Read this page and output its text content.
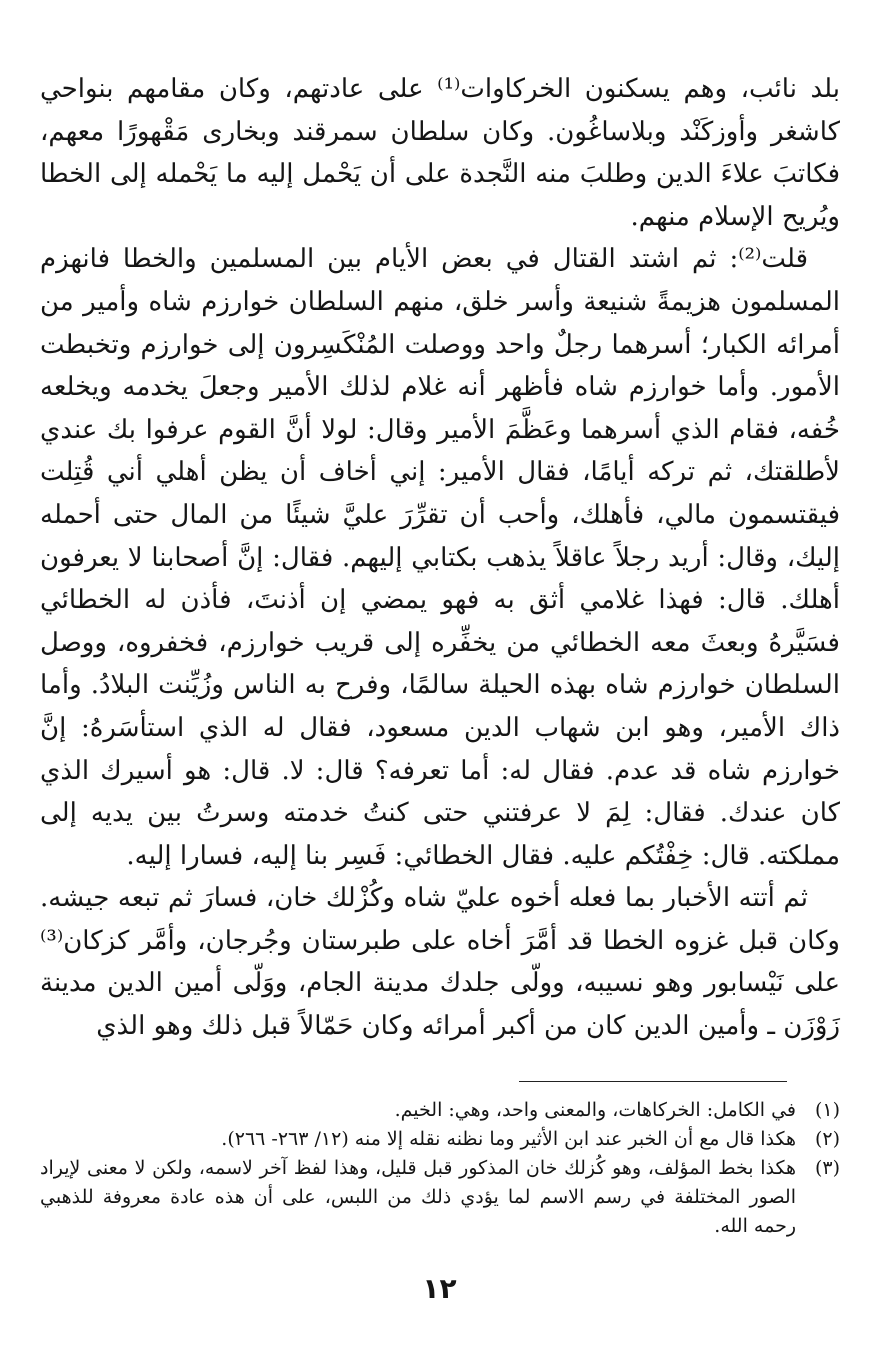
بلد نائب، وهم يسكنون الخركاوات⁽¹⁾ على عادتهم، وكان مقامهم بنواحي كاشغر وأوزكَنْد وبلاساغُون. وكان سلطان سمرقند وبخارى مَقْهورًا معهم، فكاتبَ علاءَ الدين وطلبَ منه النَّجدة على أن يَحْمل إليه ما يَحْمله إلى الخطا ويُريح الإسلام منهم.

قلت⁽²⁾: ثم اشتد القتال في بعض الأيام بين المسلمين والخطا فانهزم المسلمون هزيمةً شنيعة وأسر خلق، منهم السلطان خوارزم شاه وأمير من أمرائه الكبار؛ أسرهما رجلٌ واحد ووصلت المُنْكَسِرون إلى خوارزم وتخبطت الأمور. وأما خوارزم شاه فأظهر أنه غلام لذلك الأمير وجعلَ يخدمه ويخلعه خُفه، فقام الذي أسرهما وعَظَّمَ الأمير وقال: لولا أنَّ القوم عرفوا بك عندي لأطلقتك، ثم تركه أيامًا، فقال الأمير: إني أخاف أن يظن أهلي أني قُتِلت فيقتسمون مالي، فأهلك، وأحب أن تقرِّرَ عليَّ شيئًا من المال حتى أحمله إليك، وقال: أريد رجلاً عاقلاً يذهب بكتابي إليهم. فقال: إنَّ أصحابنا لا يعرفون أهلك. قال: فهذا غلامي أثق به فهو يمضي إن أذنتَ، فأذن له الخطائي فسَيَّرهُ وبعثَ معه الخطائي من يخفِّره إلى قريب خوارزم، فخفروه، ووصل السلطان خوارزم شاه بهذه الحيلة سالمًا، وفرح به الناس وزُيِّنت البلادُ. وأما ذاك الأمير، وهو ابن شهاب الدين مسعود، فقال له الذي استأسَرهُ: إنَّ خوارزم شاه قد عدم. فقال له: أما تعرفه؟ قال: لا. قال: هو أسيرك الذي كان عندك. فقال: لِمَ لا عرفتني حتى كنتُ خدمته وسرتُ بين يديه إلى مملكته. قال: خِفْتُكم عليه. فقال الخطائي: فَسِر بنا إليه، فسارا إليه.

ثم أتته الأخبار بما فعله أخوه عليّ شاه وكُزْلك خان، فسارَ ثم تبعه جيشه. وكان قبل غزوه الخطا قد أمَّرَ أخاه على طبرستان وجُرجان، وأمَّر كزكان⁽³⁾ على نَيْسابور وهو نسيبه، وولّى جلدك مدينة الجام، ووَلّى أمين الدين مدينة زَوْزَن ـ وأمين الدين كان من أكبر أمرائه وكان حَمّالاً قبل ذلك وهو الذي

(١)
في الكامل: الخركاهات، والمعنى واحد، وهي: الخيم.
(٢)
هكذا قال مع أن الخبر عند ابن الأثير وما نظنه نقله إلا منه (١٢/ ٢٦٣- ٢٦٦).
(٣)
هكذا بخط المؤلف، وهو كُزلك خان المذكور قبل قليل، وهذا لفظ آخر لاسمه، ولكن لا معنى لإيراد الصور المختلفة في رسم الاسم لما يؤدي ذلك من اللبس، على أن هذه عادة معروفة للذهبي رحمه الله.
١٢
